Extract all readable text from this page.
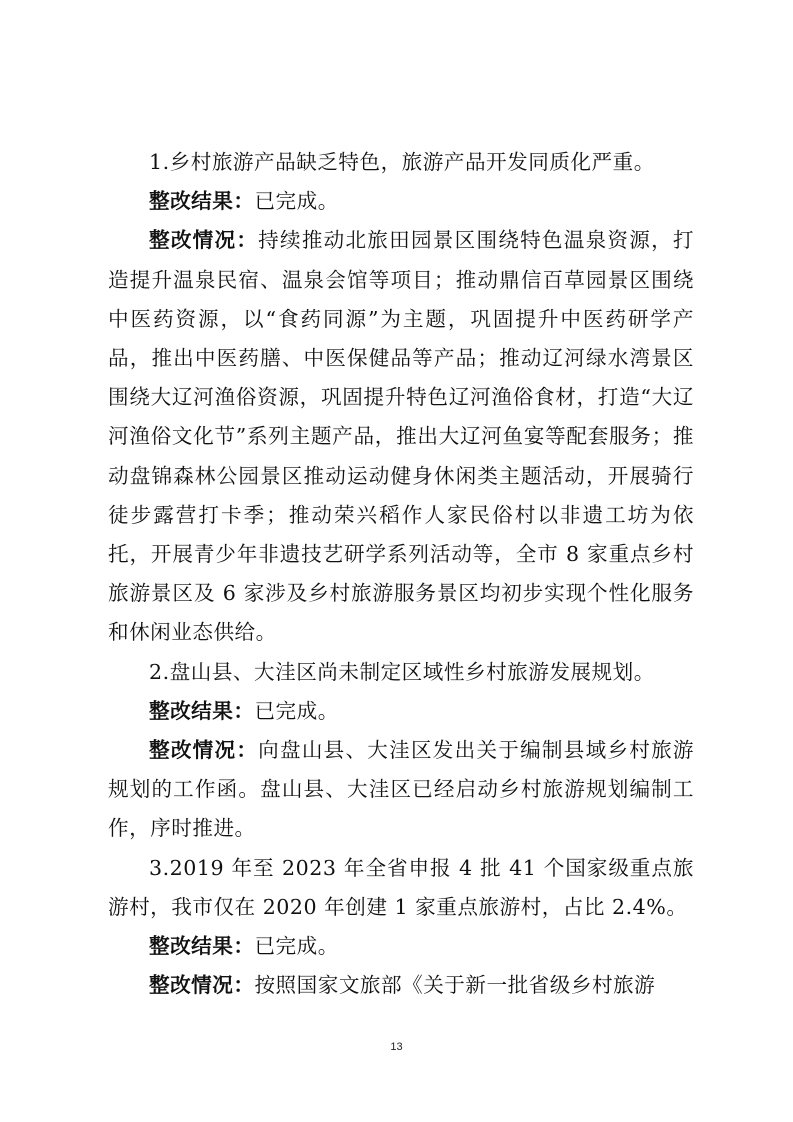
1.乡村旅游产品缺乏特色，旅游产品开发同质化严重。

整改结果：已完成。

整改情况：持续推动北旅田园景区围绕特色温泉资源，打造提升温泉民宿、温泉会馆等项目；推动鼎信百草园景区围绕中医药资源，以“食药同源”为主题，巩固提升中医药研学产品，推出中医药膳、中医保健品等产品；推动辽河绿水湾景区围绕大辽河渔俗资源，巩固提升特色辽河渔俗食材，打造“大辽河渔俗文化节”系列主题产品，推出大辽河鱼宴等配套服务；推动盘锦森林公园景区推动运动健身休闲类主题活动，开展骑行徒步露营打卡季；推动荣兴稻作人家民俗村以非遗工坊为依托，开展青少年非遗技艺研学系列活动等，全市 8 家重点乡村旅游景区及 6 家涉及乡村旅游服务景区均初步实现个性化服务和休闲业态供给。

2.盘山县、大洼区尚未制定区域性乡村旅游发展规划。

整改结果：已完成。

整改情况：向盘山县、大洼区发出关于编制县域乡村旅游规划的工作函。盘山县、大洼区已经启动乡村旅游规划编制工作，序时推进。

3.2019 年至 2023 年全省申报 4 批 41 个国家级重点旅游村，我市仅在 2020 年创建 1 家重点旅游村，占比 2.4%。

整改结果：已完成。

整改情况：按照国家文旅部《关于新一批省级乡村旅游

13
